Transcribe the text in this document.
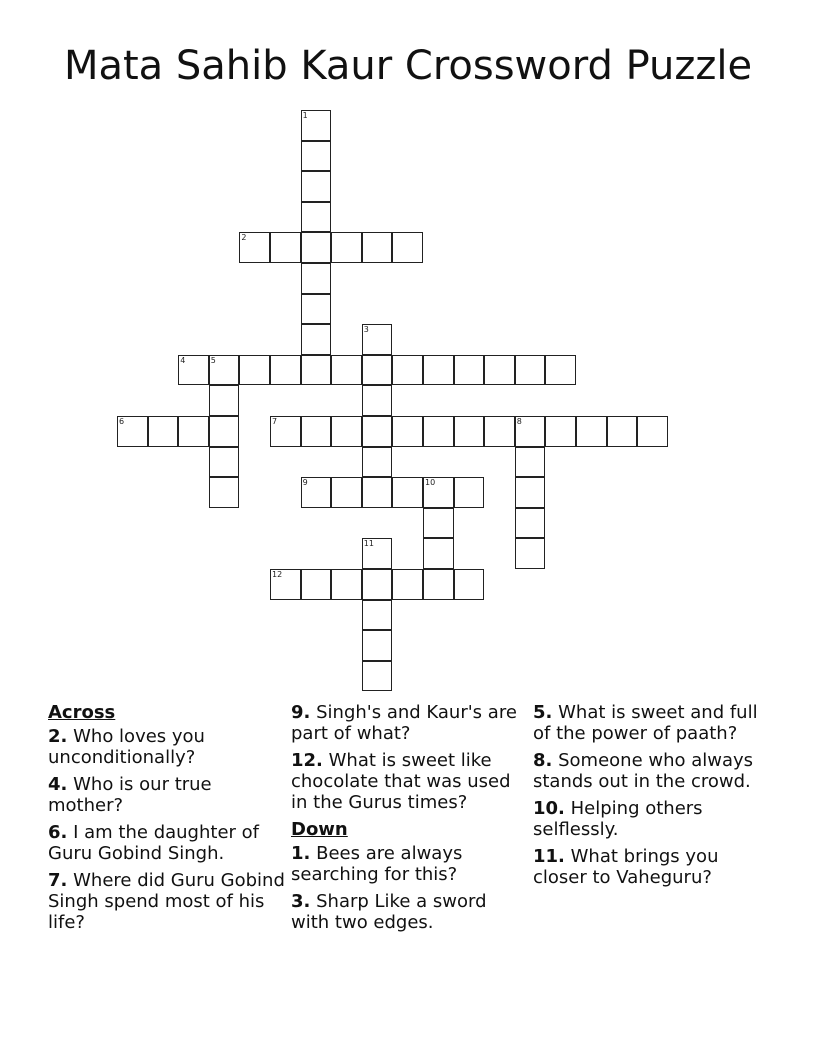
Mata Sahib Kaur Crossword Puzzle
1
2
3
4	5
6	7	8
9	10
11
12
Across
2. Who loves you unconditionally?
4. Who is our true mother?
6. I am the daughter of Guru Gobind Singh.
7. Where did Guru Gobind Singh spend most of his life?
9. Singh's and Kaur's are part of what?
12. What is sweet like chocolate that was used in the Gurus times?
Down
1. Bees are always searching for this?
3. Sharp Like a sword with two edges.
5. What is sweet and full of the power of paath?
8. Someone who always stands out in the crowd.
10. Helping others selflessly.
11. What brings you closer to Vaheguru?
